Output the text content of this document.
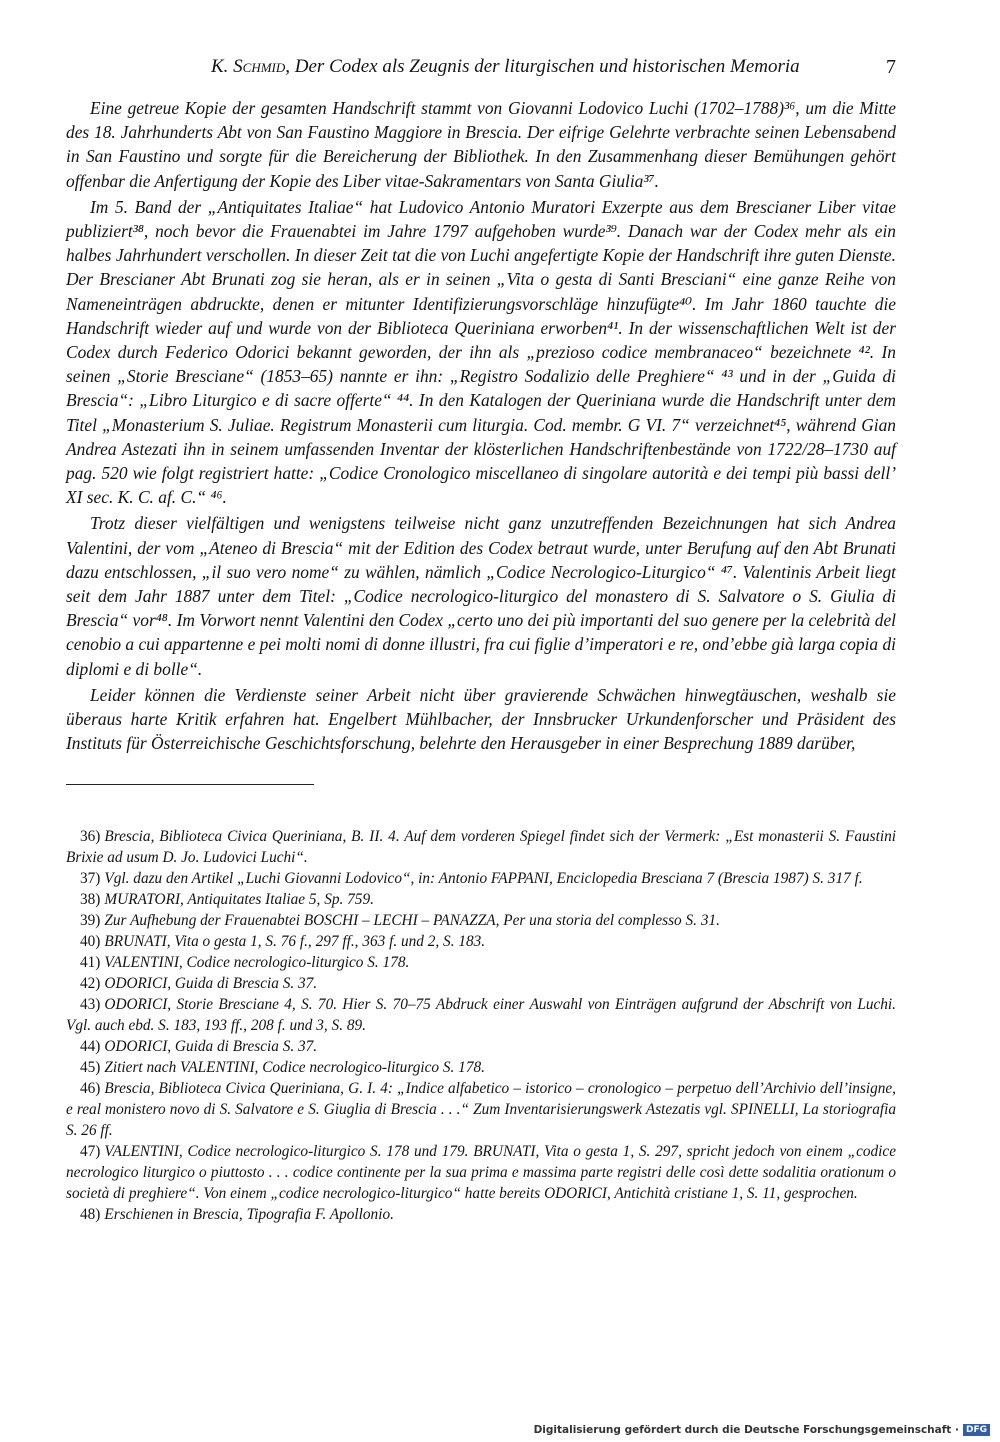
K. Schmid, Der Codex als Zeugnis der liturgischen und historischen Memoria	7

Eine getreue Kopie der gesamten Handschrift stammt von Giovanni Lodovico Luchi (1702–1788)³⁶, um die Mitte des 18. Jahrhunderts Abt von San Faustino Maggiore in Brescia. Der eifrige Gelehrte verbrachte seinen Lebensabend in San Faustino und sorgte für die Bereicherung der Bibliothek. In den Zusammenhang dieser Bemühungen gehört offenbar die Anfertigung der Kopie des Liber vitae-Sakramentars von Santa Giulia³⁷.

Im 5. Band der „Antiquitates Italiae“ hat Ludovico Antonio Muratori Exzerpte aus dem Brescianer Liber vitae publiziert³⁸, noch bevor die Frauenabtei im Jahre 1797 aufgehoben wurde³⁹. Danach war der Codex mehr als ein halbes Jahrhundert verschollen. In dieser Zeit tat die von Luchi angefertigte Kopie der Handschrift ihre guten Dienste. Der Brescianer Abt Brunati zog sie heran, als er in seinen „Vita o gesta di Santi Bresciani“ eine ganze Reihe von Nameneinträgen abdruckte, denen er mitunter Identifizierungsvorschläge hinzufügte⁴⁰. Im Jahr 1860 tauchte die Handschrift wieder auf und wurde von der Biblioteca Queriniana erworben⁴¹. In der wissenschaftlichen Welt ist der Codex durch Federico Odorici bekannt geworden, der ihn als „prezioso codice membranaceo“ bezeichnete ⁴². In seinen „Storie Bresciane“ (1853–65) nannte er ihn: „Registro Sodalizio delle Preghiere“ ⁴³ und in der „Guida di Brescia“: „Libro Liturgico e di sacre offerte“ ⁴⁴. In den Katalogen der Queriniana wurde die Handschrift unter dem Titel „Monasterium S. Juliae. Registrum Monasterii cum liturgia. Cod. membr. G VI. 7“ verzeichnet⁴⁵, während Gian Andrea Astezati ihn in seinem umfassenden Inventar der klösterlichen Handschriftenbestände von 1722/28–1730 auf pag. 520 wie folgt registriert hatte: „Codice Cronologico miscellaneo di singolare autorità e dei tempi più bassi dell’ XI sec. K. C. af. C.“ ⁴⁶.

Trotz dieser vielfältigen und wenigstens teilweise nicht ganz unzutreffenden Bezeichnungen hat sich Andrea Valentini, der vom „Ateneo di Brescia“ mit der Edition des Codex betraut wurde, unter Berufung auf den Abt Brunati dazu entschlossen, „il suo vero nome“ zu wählen, nämlich „Codice Necrologico-Liturgico“ ⁴⁷. Valentinis Arbeit liegt seit dem Jahr 1887 unter dem Titel: „Codice necrologico-liturgico del monastero di S. Salvatore o S. Giulia di Brescia“ vor⁴⁸. Im Vorwort nennt Valentini den Codex „certo uno dei più importanti del suo genere per la celebrità del cenobio a cui appartenne e pei molti nomi di donne illustri, fra cui figlie d’imperatori e re, ond’ebbe già larga copia di diplomi e di bolle“.

Leider können die Verdienste seiner Arbeit nicht über gravierende Schwächen hinwegtäuschen, weshalb sie überaus harte Kritik erfahren hat. Engelbert Mühlbacher, der Innsbrucker Urkundenforscher und Präsident des Instituts für Österreichische Geschichtsforschung, belehrte den Herausgeber in einer Besprechung 1889 darüber,

36) Brescia, Biblioteca Civica Queriniana, B. II. 4. Auf dem vorderen Spiegel findet sich der Vermerk: „Est monasterii S. Faustini Brixie ad usum D. Jo. Ludovici Luchi“.
37) Vgl. dazu den Artikel „Luchi Giovanni Lodovico“, in: Antonio FAPPANI, Enciclopedia Bresciana 7 (Brescia 1987) S. 317 f.
38) MURATORI, Antiquitates Italiae 5, Sp. 759.
39) Zur Aufhebung der Frauenabtei BOSCHI – LECHI – PANAZZA, Per una storia del complesso S. 31.
40) BRUNATI, Vita o gesta 1, S. 76 f., 297 ff., 363 f. und 2, S. 183.
41) VALENTINI, Codice necrologico-liturgico S. 178.
42) ODORICI, Guida di Brescia S. 37.
43) ODORICI, Storie Bresciane 4, S. 70. Hier S. 70–75 Abdruck einer Auswahl von Einträgen aufgrund der Abschrift von Luchi. Vgl. auch ebd. S. 183, 193 ff., 208 f. und 3, S. 89.
44) ODORICI, Guida di Brescia S. 37.
45) Zitiert nach VALENTINI, Codice necrologico-liturgico S. 178.
46) Brescia, Biblioteca Civica Queriniana, G. I. 4: „Indice alfabetico – istorico – cronologico – perpetuo dell’Archivio dell’insigne, e real monistero novo di S. Salvatore e S. Giuglia di Brescia . . .“ Zum Inventarisierungswerk Astezatis vgl. SPINELLI, La storiografia S. 26 ff.
47) VALENTINI, Codice necrologico-liturgico S. 178 und 179. BRUNATI, Vita o gesta 1, S. 297, spricht jedoch von einem „codice necrologico liturgico o piuttosto . . . codice continente per la sua prima e massima parte registri delle così dette sodalitia orationum o società di preghiere“. Von einem „codice necrologico-liturgico“ hatte bereits ODORICI, Antichità cristiane 1, S. 11, gesprochen.
48) Erschienen in Brescia, Tipografia F. Apollonio.
Digitalisierung gefördert durch die Deutsche Forschungsgemeinschaft · DFG
